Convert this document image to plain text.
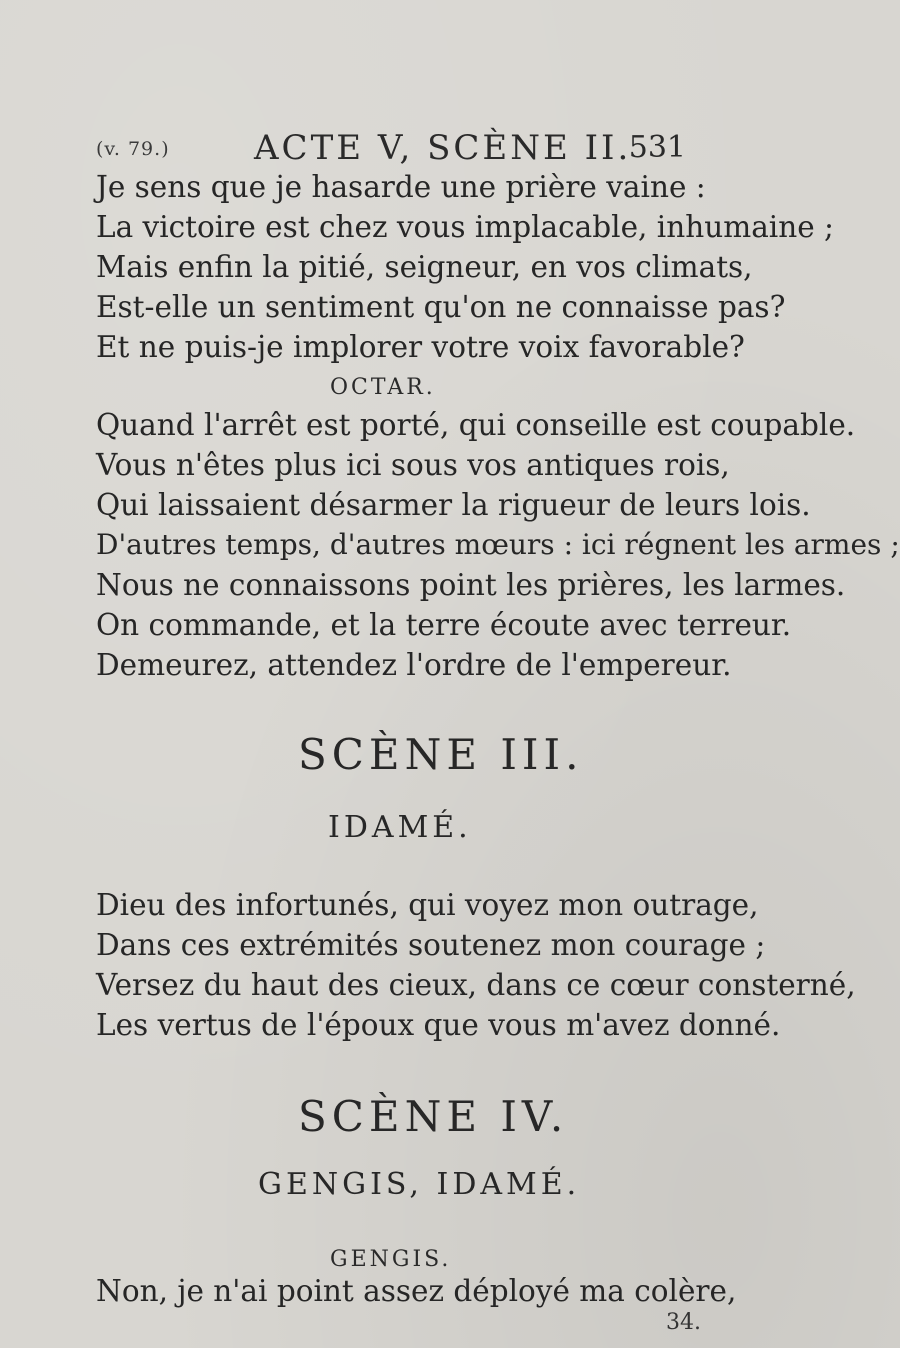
(v. 79.) ACTE V, SCÈNE II.
531
Je sens que je hasarde une prière vaine :
La victoire est chez vous implacable, inhumaine ;
Mais enfin la pitié, seigneur, en vos climats,
Est-elle un sentiment qu'on ne connaisse pas?
Et ne puis-je implorer votre voix favorable?
OCTAR.
Quand l'arrêt est porté, qui conseille est coupable.
Vous n'êtes plus ici sous vos antiques rois,
Qui laissaient désarmer la rigueur de leurs lois.
D'autres temps, d'autres mœurs : ici régnent les armes ;
Nous ne connaissons point les prières, les larmes.
On commande, et la terre écoute avec terreur.
Demeurez, attendez l'ordre de l'empereur.
SCÈNE III.
IDAMÉ.
Dieu des infortunés, qui voyez mon outrage,
Dans ces extrémités soutenez mon courage ;
Versez du haut des cieux, dans ce cœur consterné,
Les vertus de l'époux que vous m'avez donné.
SCÈNE IV.
GENGIS, IDAMÉ.
GENGIS.
Non, je n'ai point assez déployé ma colère,
34.
